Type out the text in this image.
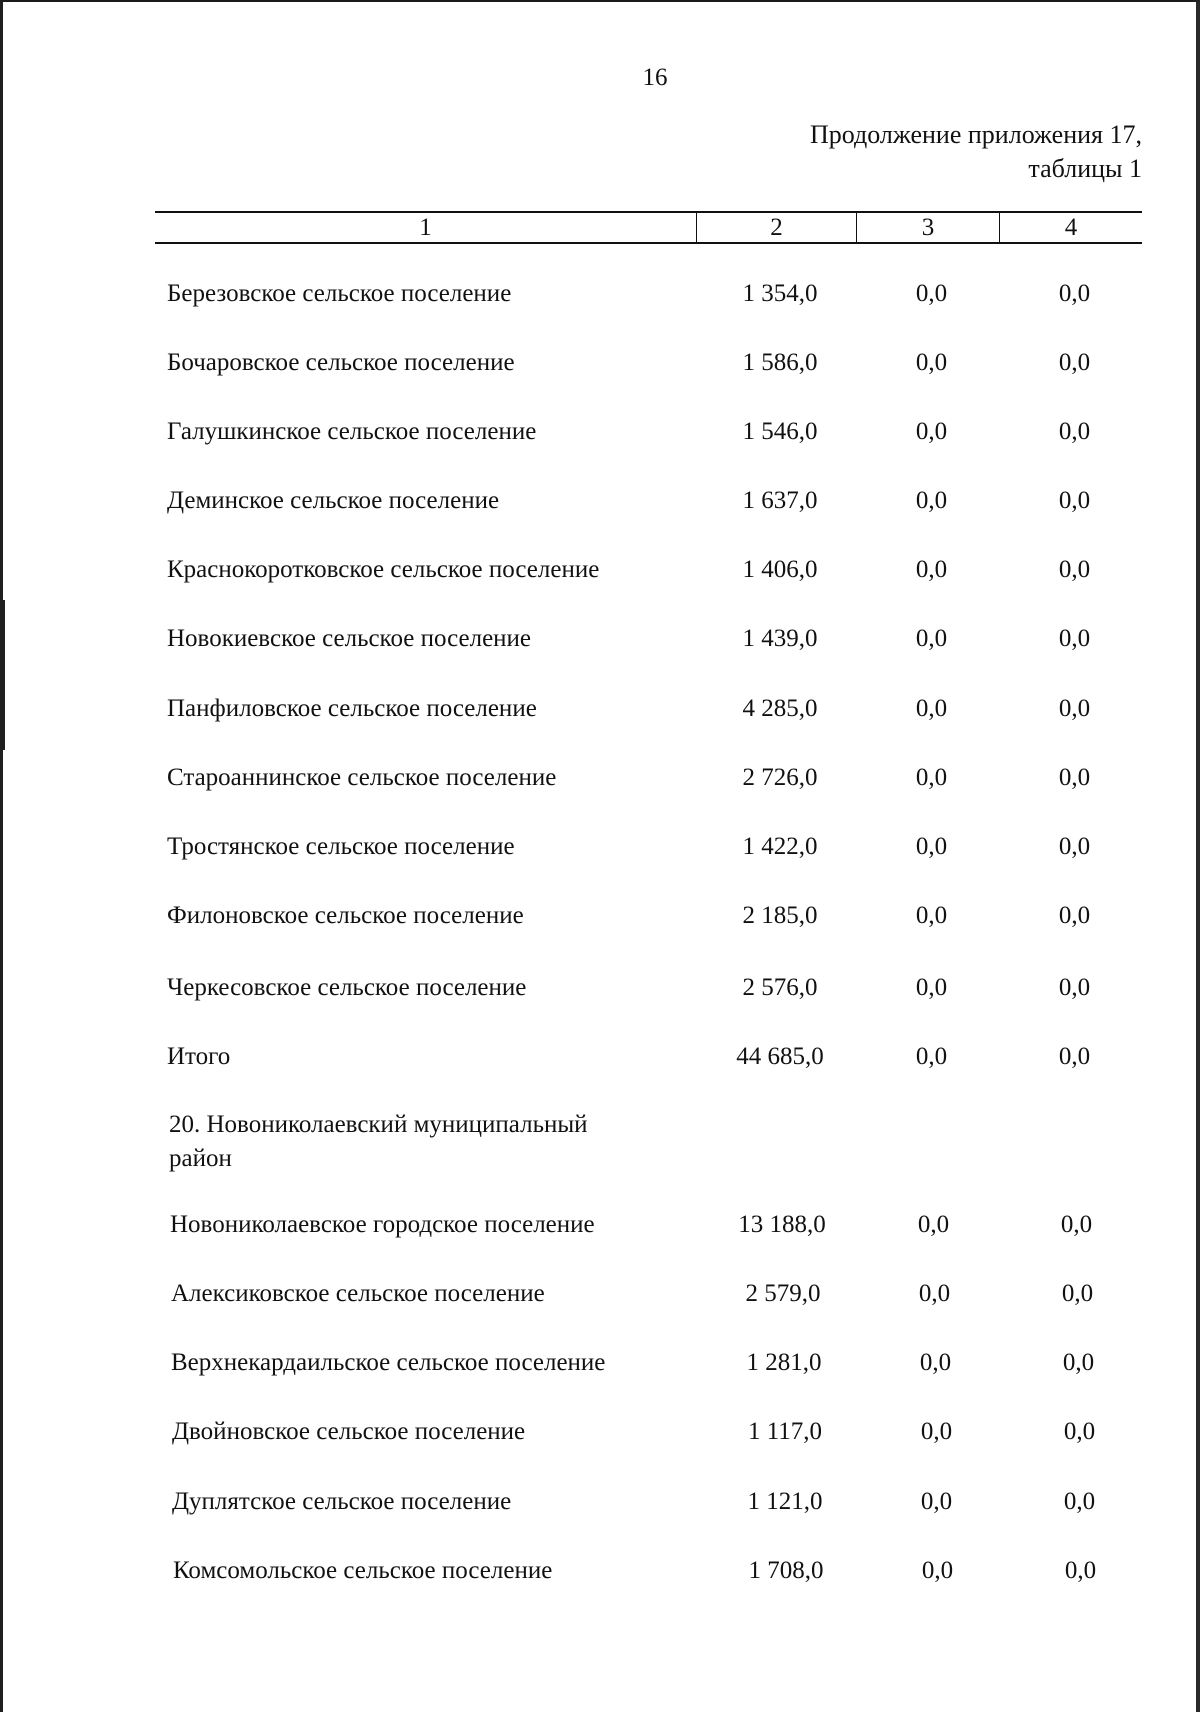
16
Продолжение приложения 17,
таблицы 1
1	2	3	4
Березовское сельское поселение	1 354,0	0,0	0,0
Бочаровское сельское поселение	1 586,0	0,0	0,0
Галушкинское сельское поселение	1 546,0	0,0	0,0
Деминское сельское поселение	1 637,0	0,0	0,0
Краснокоротковское сельское поселение	1 406,0	0,0	0,0
Новокиевское сельское поселение	1 439,0	0,0	0,0
Панфиловское сельское поселение	4 285,0	0,0	0,0
Староаннинское сельское поселение	2 726,0	0,0	0,0
Тростянское сельское поселение	1 422,0	0,0	0,0
Филоновское сельское поселение	2 185,0	0,0	0,0
Черкесовское сельское поселение	2 576,0	0,0	0,0
Итого	44 685,0	0,0	0,0
20. Новониколаевский муниципальный
район
Новониколаевское городское поселение	13 188,0	0,0	0,0
Алексиковское сельское поселение	2 579,0	0,0	0,0
Верхнекардаильское сельское поселение	1 281,0	0,0	0,0
Двойновское сельское поселение	1 117,0	0,0	0,0
Дуплятское сельское поселение	1 121,0	0,0	0,0
Комсомольское сельское поселение	1 708,0	0,0	0,0
